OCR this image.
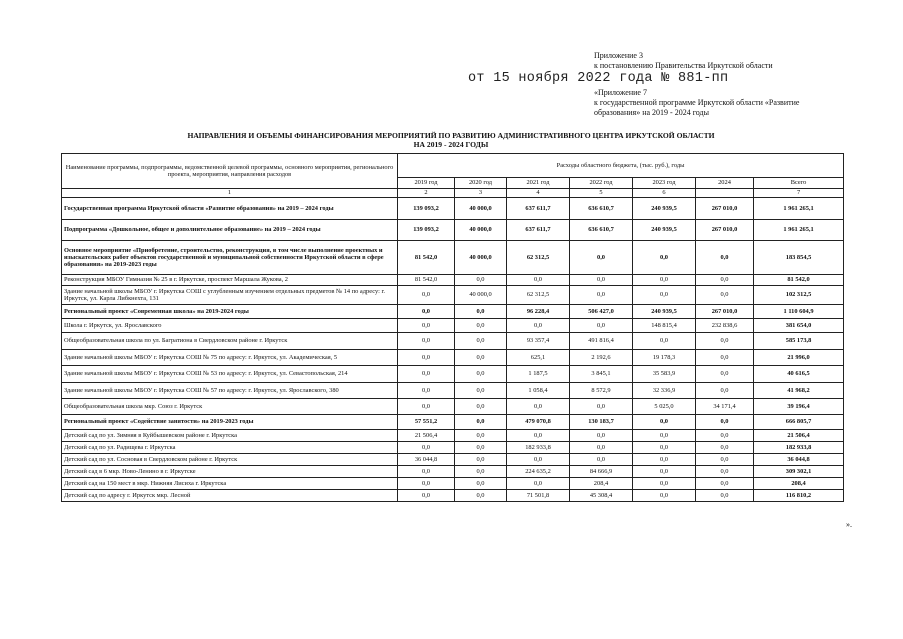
Приложение 3
к постановлению Правительства Иркутской области
от 15 ноября 2022 года № 881-пп
«Приложение 7
к государственной программе Иркутской области «Развитие
образования» на 2019 - 2024 годы
НАПРАВЛЕНИЯ И ОБЪЕМЫ ФИНАНСИРОВАНИЯ МЕРОПРИЯТИЙ ПО РАЗВИТИЮ АДМИНИСТРАТИВНОГО ЦЕНТРА ИРКУТСКОЙ ОБЛАСТИ
НА 2019 - 2024 ГОДЫ
Наименование программы, подпрограммы, ведомственной целевой программы, основного мероприятия, регионального проекта, мероприятия, направления расходов	Расходы областного бюджета, (тыс. руб.), годы						
	2019 год	2020 год	2021 год	2022 год	2023 год	2024	Всего
1	2	3	4	5	6		7
Государственная программа Иркутской области «Развитие образования» на 2019 – 2024 годы	139 093,2	40 000,0	637 611,7	636 610,7	240 939,5	267 010,0	1 961 265,1
Подпрограмма «Дошкольное, общее и дополнительное образование» на 2019 – 2024 годы	139 093,2	40 000,0	637 611,7	636 610,7	240 939,5	267 010,0	1 961 265,1
Основное мероприятие «Приобретение, строительство, реконструкция, в том числе выполнение проектных и изыскательских работ объектов государственной и муниципальной собственности Иркутской области в сфере образования» на 2019-2023 годы	81 542,0	40 000,0	62 312,5	0,0	0,0	0,0	183 854,5
Реконструкция МБОУ Гимназия № 25 в г. Иркутске, проспект Маршала Жукова, 2	81 542,0	0,0	0,0	0,0	0,0	0,0	81 542,0
Здание начальной школы МБОУ г. Иркутска СОШ с углубленным изучением отдельных предметов № 14 по адресу: г. Иркутск, ул. Карла Либкнехта, 131	0,0	40 000,0	62 312,5	0,0	0,0	0,0	102 312,5
Региональный проект «Современная школа» на 2019-2024 годы	0,0	0,0	96 228,4	506 427,0	240 939,5	267 010,0	1 110 604,9
Школа г. Иркутск, ул. Ярославского	0,0	0,0	0,0	0,0	148 815,4	232 838,6	381 654,0
Общеобразовательная школа по ул. Багратиона в Свердловском районе г. Иркутск	0,0	0,0	93 357,4	491 816,4	0,0	0,0	585 173,8
Здание начальной школы МБОУ г. Иркутска СОШ № 75 по адресу: г. Иркутск, ул. Академическая, 5	0,0	0,0	625,1	2 192,6	19 178,3	0,0	21 996,0
Здание начальной школы МБОУ г. Иркутска СОШ № 53 по адресу: г. Иркутск, ул. Севастопольская, 214	0,0	0,0	1 187,5	3 845,1	35 583,9	0,0	40 616,5
Здание начальной школы МБОУ г. Иркутска СОШ № 57 по адресу: г. Иркутск, ул. Ярославского, 380	0,0	0,0	1 058,4	8 572,9	32 336,9	0,0	41 968,2
Общеобразовательная школа мкр. Союз г. Иркутск	0,0	0,0	0,0	0,0	5 025,0	34 171,4	39 196,4
Региональный проект «Содействие занятости» на 2019-2023 годы	57 551,2	0,0	479 070,8	130 183,7	0,0	0,0	666 805,7
Детский сад по ул. Зимняя в Куйбышевском районе г. Иркутска	21 506,4	0,0	0,0	0,0	0,0	0,0	21 506,4
Детский сад по ул. Радищева г. Иркутска	0,0	0,0	182 933,8	0,0	0,0	0,0	182 933,8
Детский сад по ул. Сосновая в Свердловском районе г. Иркутск	36 044,8	0,0	0,0	0,0	0,0	0,0	36 044,8
Детский сад в 6 мкр. Ново-Ленино в г. Иркутске	0,0	0,0	224 635,2	84 666,9	0,0	0,0	309 302,1
Детский сад на 150 мест в мкр. Нижняя Лисиха г. Иркутска	0,0	0,0	0,0	208,4	0,0	0,0	208,4
Детский сад по адресу г. Иркутск мкр. Лесной	0,0	0,0	71 501,8	45 308,4	0,0	0,0	116 810,2
».
